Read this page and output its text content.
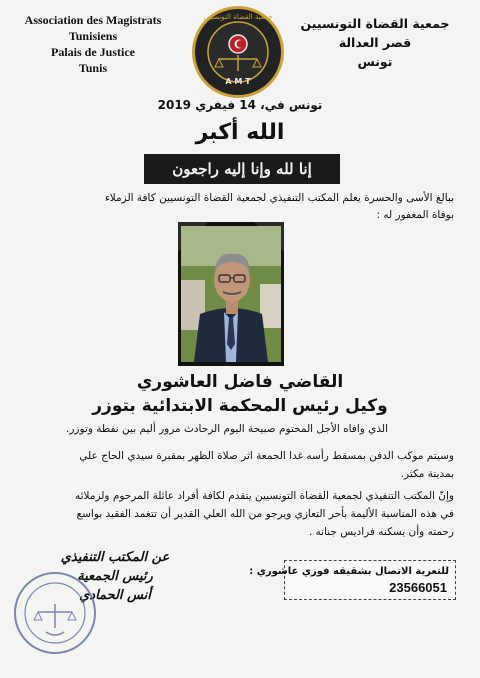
Association des Magistrats
Tunisiens
Palais de Justice
Tunis
جمعية القضاة التونسيين
A M T
جمعية القضاة التونسيين
قصر العدالة
تونس
تونس في، 14 فيفري 2019
الله أكبر
إنا لله وإنا إليه راجعون
ببالغ الأسى والحسرة يعلم المكتب التنفيذي لجمعية القضاة التونسيين كافة الزملاء
بوفاة المغفور له :
القاضي فاضل العاشوري
وكيل رئيس المحكمة الابتدائية بتوزر
الذي وافاه الأجل المحتوم صبيحة اليوم الرحادث مرور أليم بين نفطة وتوزر.
وسيتم موكب الدفن بمسقط رأسه غدا الجمعة اثر صلاة الظهر بمقبرة سيدي الحاج علي
بمدينة مكثر.
وإنّ المكتب التنفيذي لجمعية القضاة التونسيين يتقدم لكافة أفراد عائلة المرحوم ولزملائه
في هذه المناسبة الأليمة بأحر التعازي ويرجو من الله العلي القدير أن تتغمد الفقيد بواسع
رحمته وأن يسكنه فراديس جنانه .
عن المكتب التنفيذي
رئيس الجمعية
أنس الحمادي
للتعزية الاتصال بشقيقه فوزي عاشوري :
23566051
